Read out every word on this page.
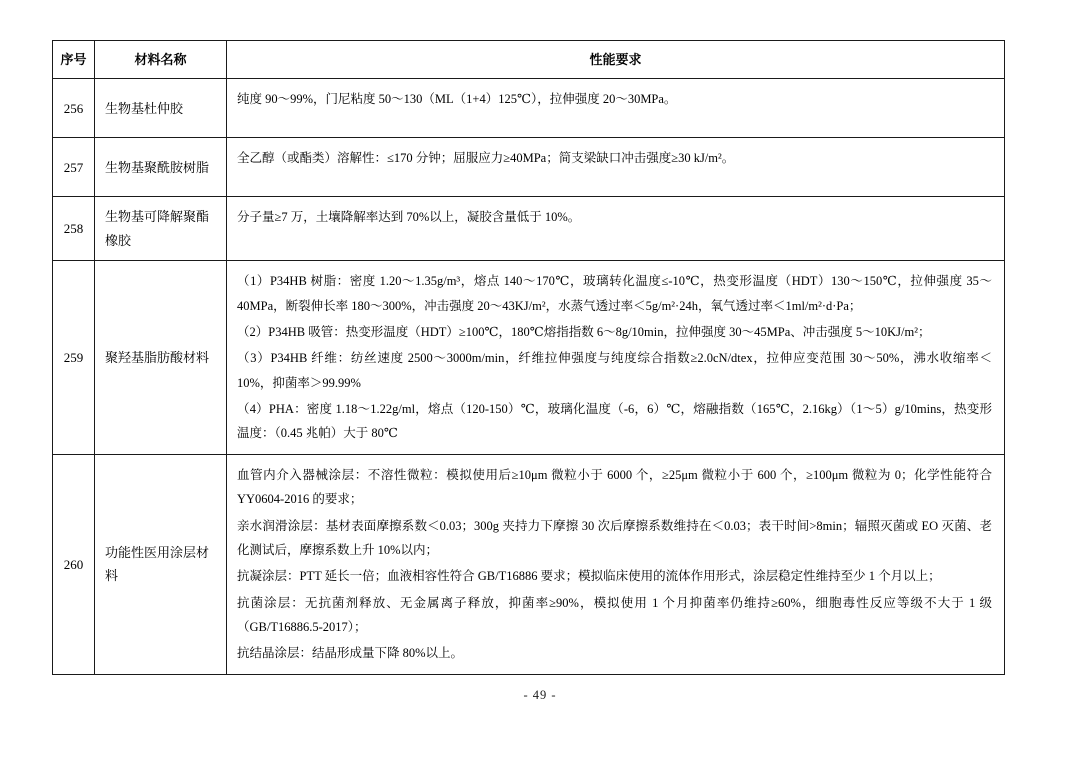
序号	材料名称	性能要求
256	生物基杜仲胶	纯度 90～99%，门尼粘度 50～130（ML（1+4）125℃），拉伸强度 20～30MPa。

257	生物基聚酰胺树脂	全乙醇（或酯类）溶解性：≤170 分钟；屈服应力≥40MPa；简支梁缺口冲击强度≥30 kJ/m²。

258	生物基可降解聚酯橡胶	分子量≥7 万，土壤降解率达到 70%以上，凝胶含量低于 10%。

259	聚羟基脂肪酸材料	（1）P34HB 树脂：密度 1.20～1.35g/m³，熔点 140～170℃，玻璃转化温度≤-10℃，热变形温度（HDT）130～150℃，拉伸强度 35～40MPa，断裂伸长率 180～300%，冲击强度 20～43KJ/m²，水蒸气透过率＜5g/m²·24h，氧气透过率＜1ml/m²·d·Pa；

（2）P34HB 吸管：热变形温度（HDT）≥100℃，180℃熔指指数 6～8g/10min，拉伸强度 30～45MPa、冲击强度 5～10KJ/m²；

（3）P34HB 纤维：纺丝速度 2500～3000m/min，纤维拉伸强度与纯度综合指数≥2.0cN/dtex，拉伸应变范围 30～50%，沸水收缩率＜10%，抑菌率＞99.99%

（4）PHA：密度 1.18～1.22g/ml，熔点（120-150）℃，玻璃化温度（-6，6）℃，熔融指数（165℃，2.16kg）（1～5）g/10mins，热变形温度：（0.45 兆帕）大于 80℃

260	功能性医用涂层材料	血管内介入器械涂层：不溶性微粒：模拟使用后≥10μm 微粒小于 6000 个，≥25μm 微粒小于 600 个，≥100μm 微粒为 0；化学性能符合 YY0604-2016 的要求；

亲水润滑涂层：基材表面摩擦系数＜0.03；300g 夹持力下摩擦 30 次后摩擦系数维持在＜0.03；表干时间>8min；辐照灭菌或 EO 灭菌、老化测试后，摩擦系数上升 10%以内；

抗凝涂层：PTT 延长一倍；血液相容性符合 GB/T16886 要求；模拟临床使用的流体作用形式，涂层稳定性维持至少 1 个月以上；

抗菌涂层：无抗菌剂释放、无金属离子释放，抑菌率≥90%，模拟使用 1 个月抑菌率仍维持≥60%，细胞毒性反应等级不大于 1 级（GB/T16886.5-2017）；

抗结晶涂层：结晶形成量下降 80%以上。

- 49 -
